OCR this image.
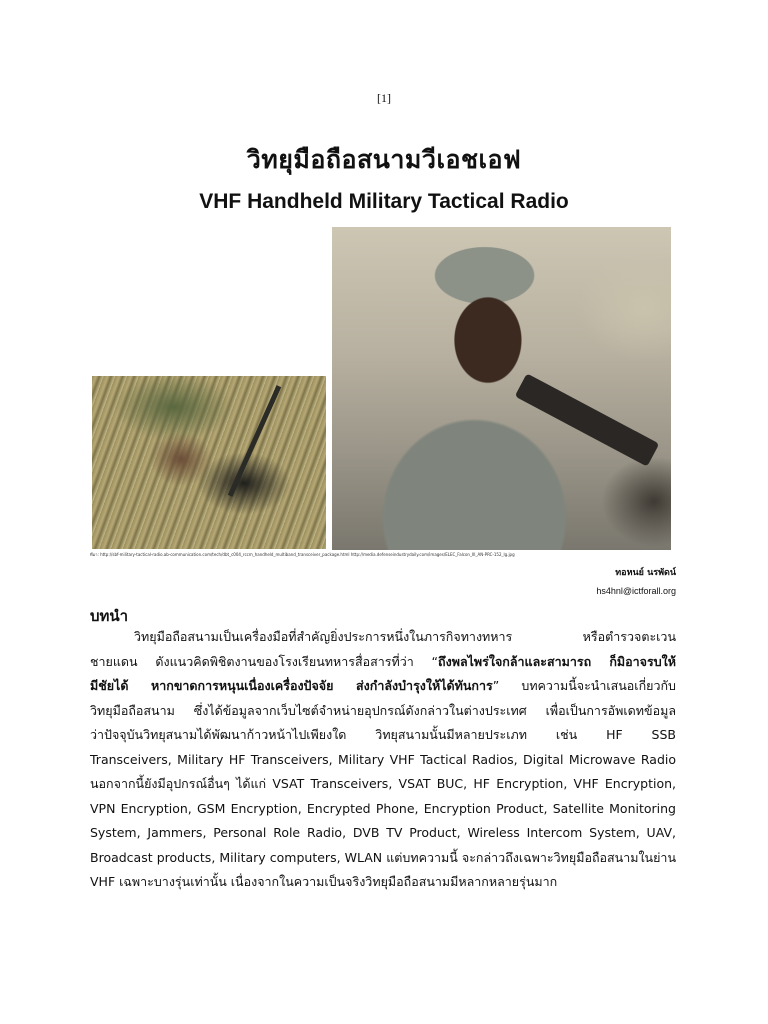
[1]
วิทยุมือถือสนามวีเอชเอฟ
VHF Handheld Military Tactical Radio
ที่มา: http://sbf-military-tactical-radio.ab-communication.com/tech/dbt_c004_rccm_handheld_multiband_transceiver_package.html http://media.defenseindustrydaily.com/images/ELEC_Falcon_III_AN-PRC-152_lg.jpg
ทอหนย์ นรพัดน์
hs4hnl@ictforall.org
บทนำ
วิทยุมือถือสนามเป็นเครื่องมือที่สำคัญยิ่งประการหนึ่งในภารกิจทางทหาร หรือตำรวจตะเวน
ชายแดน ดังแนวคิดพิชิตงานของโรงเรียนทหารสื่อสารที่ว่า “ถึงพลไพร่ใจกล้าและสามารถ ก็มิอาจรบให้
มีชัยได้ หากขาดการหนุนเนื่องเครื่องปัจจัย ส่งกำลังบำรุงให้ได้ทันการ” บทความนี้จะนำเสนอเกี่ยวกับ
วิทยุมือถือสนาม ซึ่งได้ข้อมูลจากเว็บไซต์จำหน่ายอุปกรณ์ดังกล่าวในต่างประเทศ เพื่อเป็นการอัพเดทข้อมูล
ว่าปัจจุบันวิทยุสนามได้พัฒนาก้าวหน้าไปเพียงใด วิทยุสนามนั้นมีหลายประเภท เช่น HF SSB
Transceivers, Military HF Transceivers, Military VHF Tactical Radios, Digital Microwave Radio
นอกจากนี้ยังมีอุปกรณ์อื่นๆ ได้แก่ VSAT Transceivers, VSAT BUC, HF Encryption, VHF Encryption,
VPN Encryption, GSM Encryption, Encrypted Phone, Encryption Product, Satellite Monitoring
System, Jammers, Personal Role Radio, DVB TV Product, Wireless Intercom System, UAV,
Broadcast products, Military computers, WLAN แต่บทความนี้ จะกล่าวถึงเฉพาะวิทยุมือถือสนามในย่าน
VHF เฉพาะบางรุ่นเท่านั้น เนื่องจากในความเป็นจริงวิทยุมือถือสนามมีหลากหลายรุ่นมาก
